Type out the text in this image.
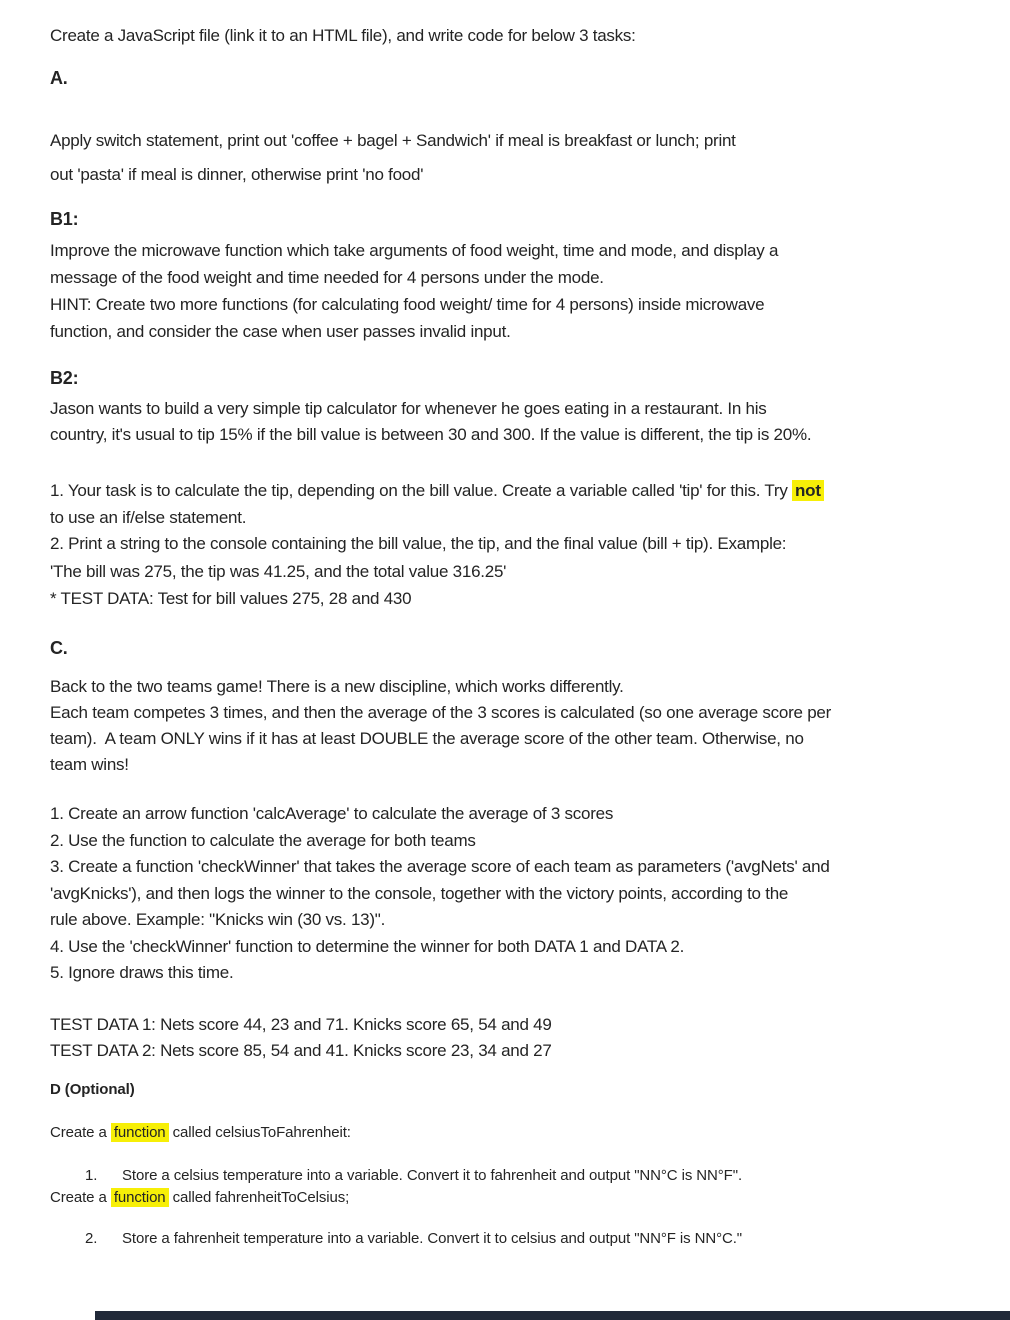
Create a JavaScript file (link it to an HTML file), and write code for below 3 tasks:
A.
Apply switch statement, print out 'coffee + bagel + Sandwich' if meal is breakfast or lunch; print
out 'pasta' if meal is dinner, otherwise print 'no food'
B1:
Improve the microwave function which take arguments of food weight, time and mode, and display a
message of the food weight and time needed for 4 persons under the mode.
HINT: Create two more functions (for calculating food weight/ time for 4 persons) inside microwave
function, and consider the case when user passes invalid input.
B2:
Jason wants to build a very simple tip calculator for whenever he goes eating in a restaurant. In his
country, it's usual to tip 15% if the bill value is between 30 and 300. If the value is different, the tip is 20%.
1. Your task is to calculate the tip, depending on the bill value. Create a variable called 'tip' for this. Try not
to use an if/else statement.
2. Print a string to the console containing the bill value, the tip, and the final value (bill + tip). Example:
'The bill was 275, the tip was 41.25, and the total value 316.25'
* TEST DATA: Test for bill values 275, 28 and 430
C.
Back to the two teams game! There is a new discipline, which works differently.
Each team competes 3 times, and then the average of the 3 scores is calculated (so one average score per
team).  A team ONLY wins if it has at least DOUBLE the average score of the other team. Otherwise, no
team wins!
1. Create an arrow function 'calcAverage' to calculate the average of 3 scores
2. Use the function to calculate the average for both teams
3. Create a function 'checkWinner' that takes the average score of each team as parameters ('avgNets' and
'avgKnicks'), and then logs the winner to the console, together with the victory points, according to the
rule above. Example: "Knicks win (30 vs. 13)".
4. Use the 'checkWinner' function to determine the winner for both DATA 1 and DATA 2.
5. Ignore draws this time.
TEST DATA 1: Nets score 44, 23 and 71. Knicks score 65, 54 and 49
TEST DATA 2: Nets score 85, 54 and 41. Knicks score 23, 34 and 27
D (Optional)
Create a function called celsiusToFahrenheit:
1. Store a celsius temperature into a variable. Convert it to fahrenheit and output "NN°C is NN°F".
Create a function called fahrenheitToCelsius;
2. Store a fahrenheit temperature into a variable. Convert it to celsius and output "NN°F is NN°C."
